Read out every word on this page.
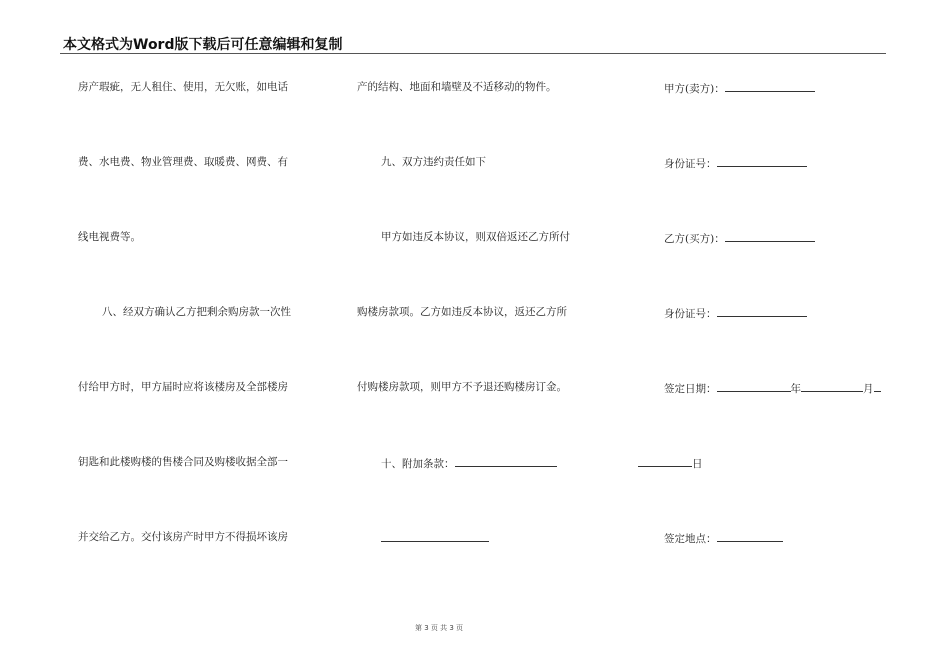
本文格式为Word版下载后可任意编辑和复制
房产瑕疵，无人租住、使用，无欠账，如电话
费、水电费、物业管理费、取暖费、网费、有
线电视费等。
八、经双方确认乙方把剩余购房款一次性
付给甲方时，甲方届时应将该楼房及全部楼房
钥匙和此楼购楼的售楼合同及购楼收据全部一
并交给乙方。交付该房产时甲方不得损坏该房
产的结构、地面和墙壁及不适移动的物件。
九、双方违约责任如下
甲方如违反本协议，则双倍返还乙方所付
购楼房款项。乙方如违反本协议，返还乙方所
付购楼房款项，则甲方不予退还购楼房订金。
十、附加条款：	日
甲方(卖方)：
身份证号：
乙方(买方)：
身份证号：
签定日期：	年	月
签定地点：
第 3 页 共 3 页
